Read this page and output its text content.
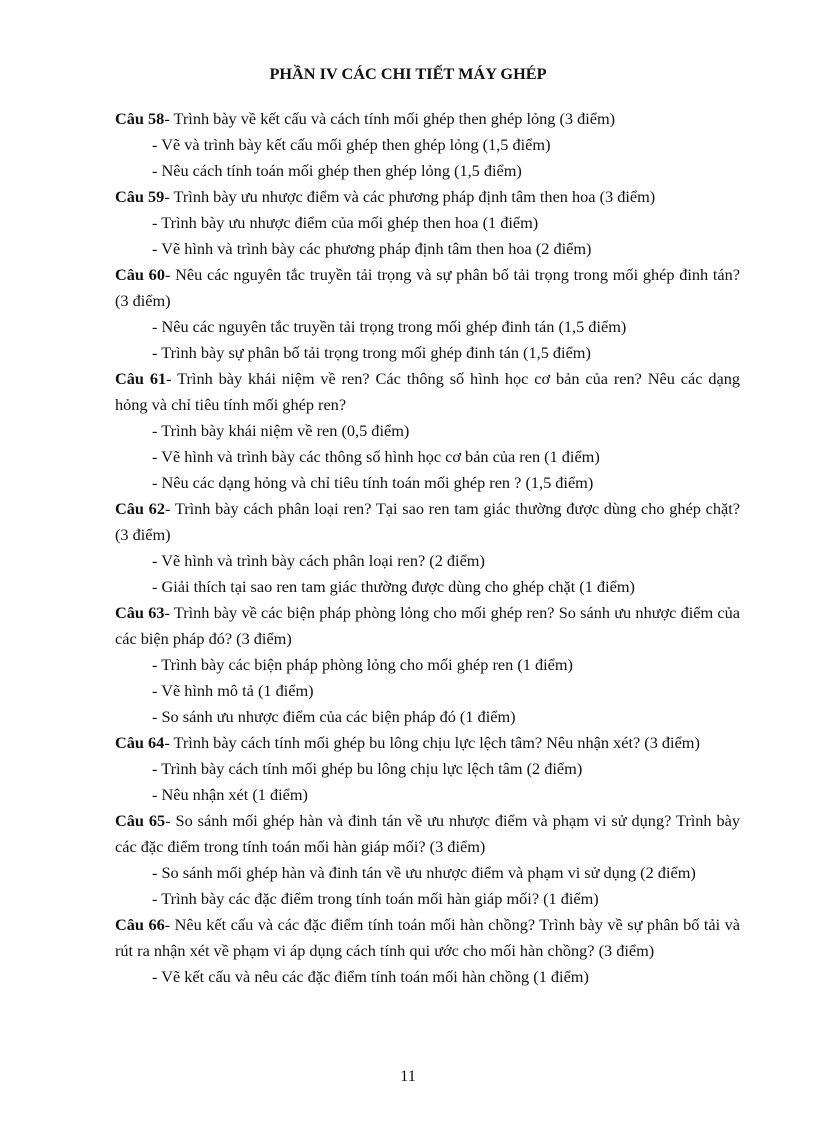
PHẦN IV CÁC CHI TIẾT MÁY GHÉP

Câu 58- Trình bày về kết cấu và cách tính mối ghép then ghép lỏng (3 điểm)

- Vẽ và trình bày kết cấu mối ghép then ghép lỏng (1,5 điểm)

- Nêu cách tính toán mối ghép then ghép lỏng (1,5 điểm)

Câu 59- Trình bày ưu nhược điểm và các phương pháp định tâm then hoa (3 điểm)

- Trình bày ưu nhược điểm của mối ghép then hoa (1 điểm)

- Vẽ hình và trình bày các phương pháp định tâm then hoa (2 điểm)

Câu 60- Nêu các nguyên tắc truyền tải trọng và sự phân bố tải trọng trong mối ghép đinh tán? (3 điểm)

- Nêu các nguyên tắc truyền tải trọng trong mối ghép đinh tán (1,5 điểm)

- Trình bày sự phân bố tải trọng trong mối ghép đinh tán (1,5 điểm)

Câu 61- Trình bày khái niệm về ren? Các thông số hình học cơ bản của ren? Nêu các dạng hỏng và chỉ tiêu tính mối ghép ren?

- Trình bày khái niệm về ren (0,5 điểm)

- Vẽ hình và trình bày các thông số hình học cơ bản của ren (1 điểm)

- Nêu các dạng hỏng và chỉ tiêu tính toán mối ghép ren ? (1,5 điểm)

Câu 62- Trình bày cách phân loại ren? Tại sao ren tam giác thường được dùng cho ghép chặt? (3 điểm)

- Vẽ hình và trình bày cách phân loại ren? (2 điểm)

- Giải thích tại sao ren tam giác thường được dùng cho ghép chặt (1 điểm)

Câu 63- Trình bày về các biện pháp phòng lỏng cho mối ghép ren? So sánh ưu nhược điểm của các biện pháp đó? (3 điểm)

- Trình bày các biện pháp phòng lỏng cho mối ghép ren (1 điểm)

- Vẽ hình mô tả (1 điểm)

- So sánh ưu nhược điểm của các biện pháp đó (1 điểm)

Câu 64- Trình bày cách tính mối ghép bu lông chịu lực lệch tâm? Nêu nhận xét? (3 điểm)

- Trình bày cách tính mối ghép bu lông chịu lực lệch tâm (2 điểm)

- Nêu nhận xét (1 điểm)

Câu 65- So sánh mối ghép hàn và đinh tán về ưu nhược điểm và phạm vi sử dụng? Trình bày các đặc điểm trong tính toán mối hàn giáp mối? (3 điểm)

- So sánh mối ghép hàn và đinh tán về ưu nhược điểm và phạm vi sử dụng (2 điểm)

- Trình bày các đặc điểm trong tính toán mối hàn giáp mối? (1 điểm)

Câu 66- Nêu kết cấu và các đặc điểm tính toán mối hàn chồng? Trình bày về sự phân bố tải và rút ra nhận xét về phạm vi áp dụng cách tính qui ước cho mối hàn chồng? (3 điểm)

- Vẽ kết cấu và nêu các đặc điểm tính toán mối hàn chồng (1 điểm)

11
